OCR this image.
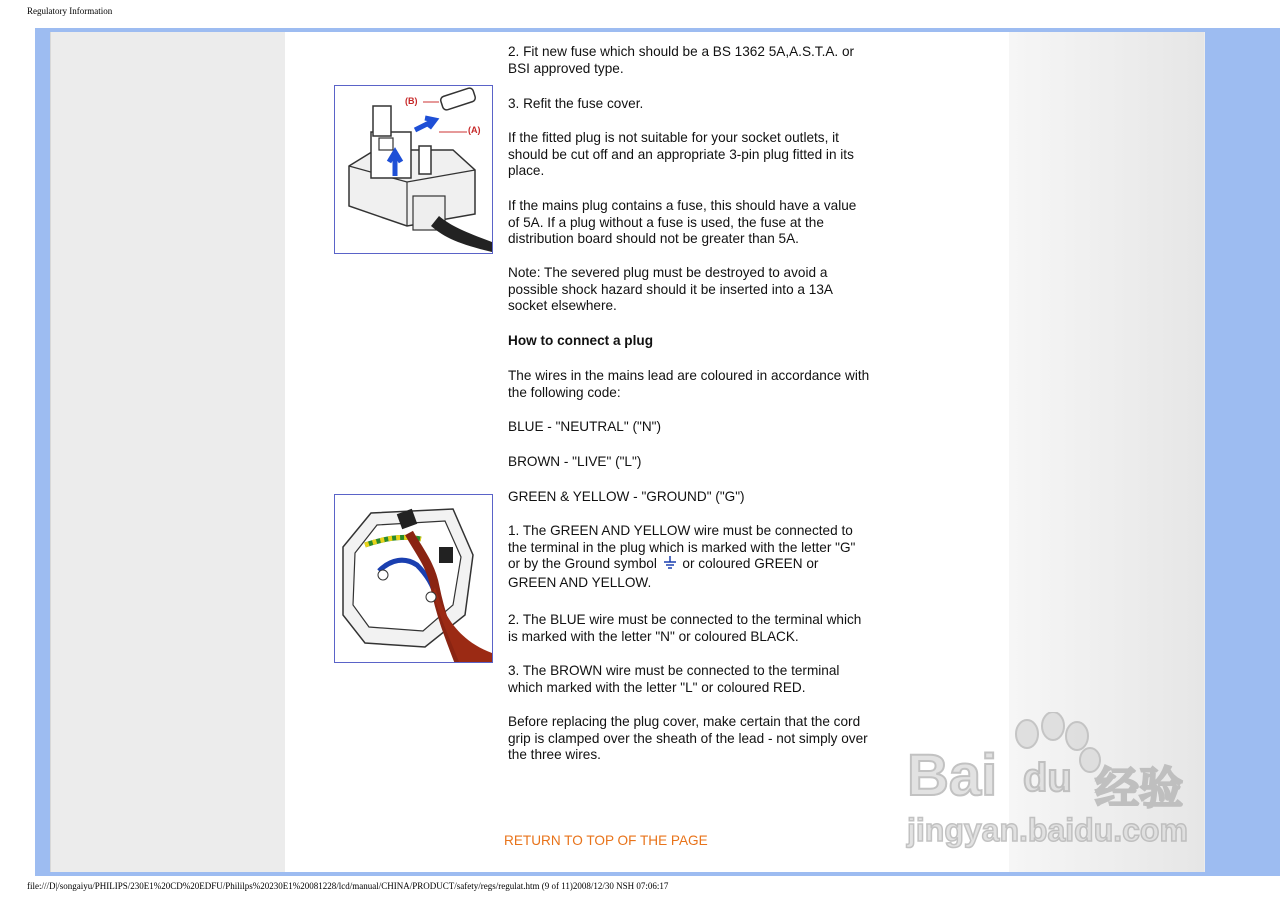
Regulatory Information
(B)
(A)
2. Fit new fuse which should be a BS 1362 5A,A.S.T.A. or BSI approved type.
3. Refit the fuse cover.
If the fitted plug is not suitable for your socket outlets, it should be cut off and an appropriate 3-pin plug fitted in its place.
If the mains plug contains a fuse, this should have a value of 5A. If a plug without a fuse is used, the fuse at the distribution board should not be greater than 5A.
Note: The severed plug must be destroyed to avoid a possible shock hazard should it be inserted into a 13A socket elsewhere.
How to connect a plug
The wires in the mains lead are coloured in accordance with the following code:
BLUE - "NEUTRAL" ("N")
BROWN - "LIVE" ("L")
GREEN & YELLOW - "GROUND" ("G")
1. The GREEN AND YELLOW wire must be connected to the terminal in the plug which is marked with the letter "G" or by the Ground symbol or coloured GREEN or GREEN AND YELLOW.
2. The BLUE wire must be connected to the terminal which is marked with the letter "N" or coloured BLACK.
3. The BROWN wire must be connected to the terminal which marked with the letter "L" or coloured RED.
Before replacing the plug cover, make certain that the cord grip is clamped over the sheath of the lead - not simply over the three wires.
RETURN TO TOP OF THE PAGE
Bai du 经验
jingyan.baidu.com
file:///D|/songaiyu/PHILIPS/230E1%20CD%20EDFU/Phililps%20230E1%20081228/lcd/manual/CHINA/PRODUCT/safety/regs/regulat.htm (9 of 11)2008/12/30 NSH 07:06:17
